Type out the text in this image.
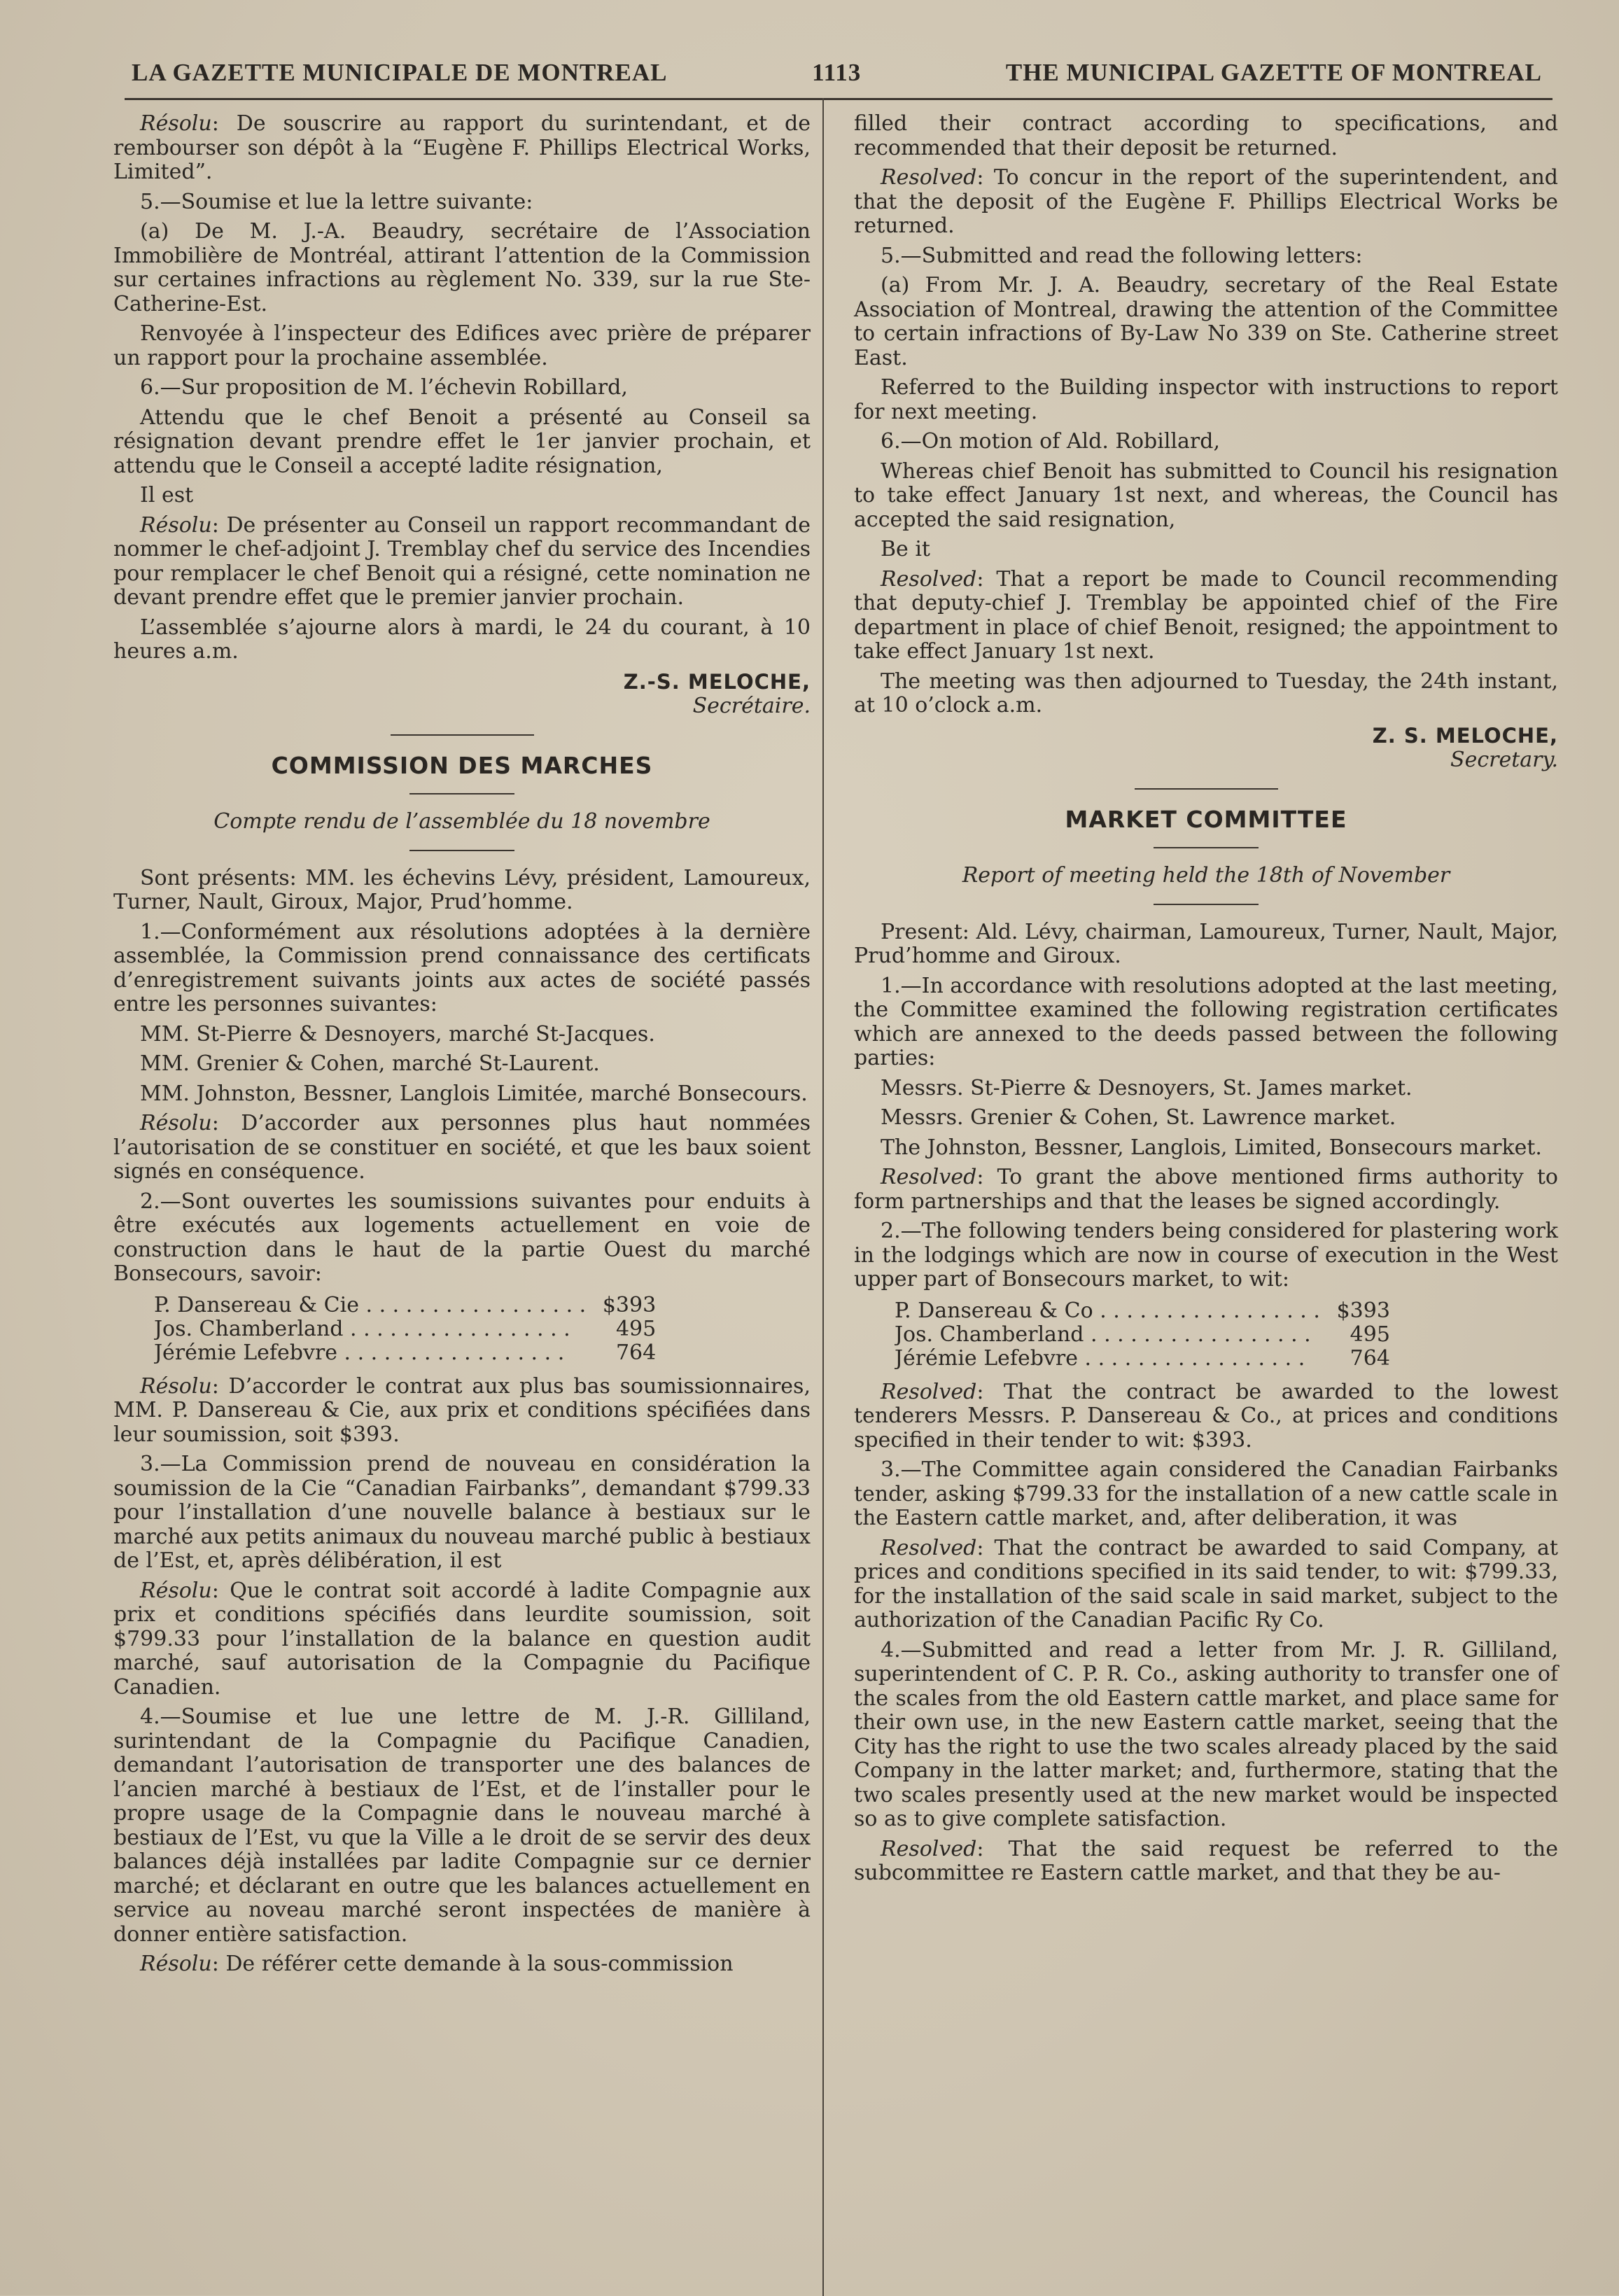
LA GAZETTE MUNICIPALE DE MONTREAL	1113	THE MUNICIPAL GAZETTE OF MONTREAL

Résolu: De souscrire au rapport du surintendant, et de rembourser son dépôt à la “Eugène F. Phillips Electrical Works, Limited”.

5.—Soumise et lue la lettre suivante:

(a) De M. J.-A. Beaudry, secrétaire de l’Association Immobilière de Montréal, attirant l’attention de la Commission sur certaines infractions au règlement No. 339, sur la rue Ste-Catherine-Est.

Renvoyée à l’inspecteur des Edifices avec prière de préparer un rapport pour la prochaine assemblée.

6.—Sur proposition de M. l’échevin Robillard,

Attendu que le chef Benoit a présenté au Conseil sa résignation devant prendre effet le 1er janvier prochain, et attendu que le Conseil a accepté ladite résignation,

Il est

Résolu: De présenter au Conseil un rapport recommandant de nommer le chef-adjoint J. Tremblay chef du service des Incendies pour remplacer le chef Benoit qui a résigné, cette nomination ne devant prendre effet que le premier janvier prochain.

L’assemblée s’ajourne alors à mardi, le 24 du courant, à 10 heures a.m.

Z.-S. MELOCHE,
Secrétaire.
COMMISSION DES MARCHES
Compte rendu de l’assemblée du 18 novembre

Sont présents: MM. les échevins Lévy, président, Lamoureux, Turner, Nault, Giroux, Major, Prud’homme.

1.—Conformément aux résolutions adoptées à la dernière assemblée, la Commission prend connaissance des certificats d’enregistrement suivants joints aux actes de société passés entre les personnes suivantes:

MM. St-Pierre & Desnoyers, marché St-Jacques.

MM. Grenier & Cohen, marché St-Laurent.

MM. Johnston, Bessner, Langlois Limitée, marché Bonsecours.

Résolu: D’accorder aux personnes plus haut nommées l’autorisation de se constituer en société, et que les baux soient signés en conséquence.

2.—Sont ouvertes les soumissions suivantes pour enduits à être exécutés aux logements actuellement en voie de construction dans le haut de la partie Ouest du marché Bonsecours, savoir:

P. Dansereau & Cie . . . . . . . . . . . . . . . . .	$393
Jos. Chamberland . . . . . . . . . . . . . . . . .	495
Jérémie Lefebvre . . . . . . . . . . . . . . . . .	764

Résolu: D’accorder le contrat aux plus bas soumissionnaires, MM. P. Dansereau & Cie, aux prix et conditions spécifiées dans leur soumission, soit $393.

3.—La Commission prend de nouveau en considération la soumission de la Cie “Canadian Fairbanks”, demandant $799.33 pour l’installation d’une nouvelle balance à bestiaux sur le marché aux petits animaux du nouveau marché public à bestiaux de l’Est, et, après délibération, il est

Résolu: Que le contrat soit accordé à ladite Compagnie aux prix et conditions spécifiés dans leurdite soumission, soit $799.33 pour l’installation de la balance en question audit marché, sauf autorisation de la Compagnie du Pacifique Canadien.

4.—Soumise et lue une lettre de M. J.-R. Gilliland, surintendant de la Compagnie du Pacifique Canadien, demandant l’autorisation de transporter une des balances de l’ancien marché à bestiaux de l’Est, et de l’installer pour le propre usage de la Compagnie dans le nouveau marché à bestiaux de l’Est, vu que la Ville a le droit de se servir des deux balances déjà installées par ladite Compagnie sur ce dernier marché; et déclarant en outre que les balances actuellement en service au noveau marché seront inspectées de manière à donner entière satisfaction.

Résolu: De référer cette demande à la sous-commission

filled their contract according to specifications, and recommended that their deposit be returned.

Resolved: To concur in the report of the superintendent, and that the deposit of the Eugène F. Phillips Electrical Works be returned.

5.—Submitted and read the following letters:

(a) From Mr. J. A. Beaudry, secretary of the Real Estate Association of Montreal, drawing the attention of the Committee to certain infractions of By-Law No 339 on Ste. Catherine street East.

Referred to the Building inspector with instructions to report for next meeting.

6.—On motion of Ald. Robillard,

Whereas chief Benoit has submitted to Council his resignation to take effect January 1st next, and whereas, the Council has accepted the said resignation,

Be it

Resolved: That a report be made to Council recommending that deputy-chief J. Tremblay be appointed chief of the Fire department in place of chief Benoit, resigned; the appointment to take effect January 1st next.

The meeting was then adjourned to Tuesday, the 24th instant, at 10 o’clock a.m.

Z. S. MELOCHE,
Secretary.
MARKET COMMITTEE
Report of meeting held the 18th of November

Present: Ald. Lévy, chairman, Lamoureux, Turner, Nault, Major, Prud’homme and Giroux.

1.—In accordance with resolutions adopted at the last meeting, the Committee examined the following registration certificates which are annexed to the deeds passed between the following parties:

Messrs. St-Pierre & Desnoyers, St. James market.

Messrs. Grenier & Cohen, St. Lawrence market.

The Johnston, Bessner, Langlois, Limited, Bonsecours market.

Resolved: To grant the above mentioned firms authority to form partnerships and that the leases be signed accordingly.

2.—The following tenders being considered for plastering work in the lodgings which are now in course of execution in the West upper part of Bonsecours market, to wit:

P. Dansereau & Co . . . . . . . . . . . . . . . . .	$393
Jos. Chamberland . . . . . . . . . . . . . . . . .	495
Jérémie Lefebvre . . . . . . . . . . . . . . . . .	764

Resolved: That the contract be awarded to the lowest tenderers Messrs. P. Dansereau & Co., at prices and conditions specified in their tender to wit: $393.

3.—The Committee again considered the Canadian Fairbanks tender, asking $799.33 for the installation of a new cattle scale in the Eastern cattle market, and, after deliberation, it was

Resolved: That the contract be awarded to said Company, at prices and conditions specified in its said tender, to wit: $799.33, for the installation of the said scale in said market, subject to the authorization of the Canadian Pacific Ry Co.

4.—Submitted and read a letter from Mr. J. R. Gilliland, superintendent of C. P. R. Co., asking authority to transfer one of the scales from the old Eastern cattle market, and place same for their own use, in the new Eastern cattle market, seeing that the City has the right to use the two scales already placed by the said Company in the latter market; and, furthermore, stating that the two scales presently used at the new market would be inspected so as to give complete satisfaction.

Resolved: That the said request be referred to the subcommittee re Eastern cattle market, and that they be au-
